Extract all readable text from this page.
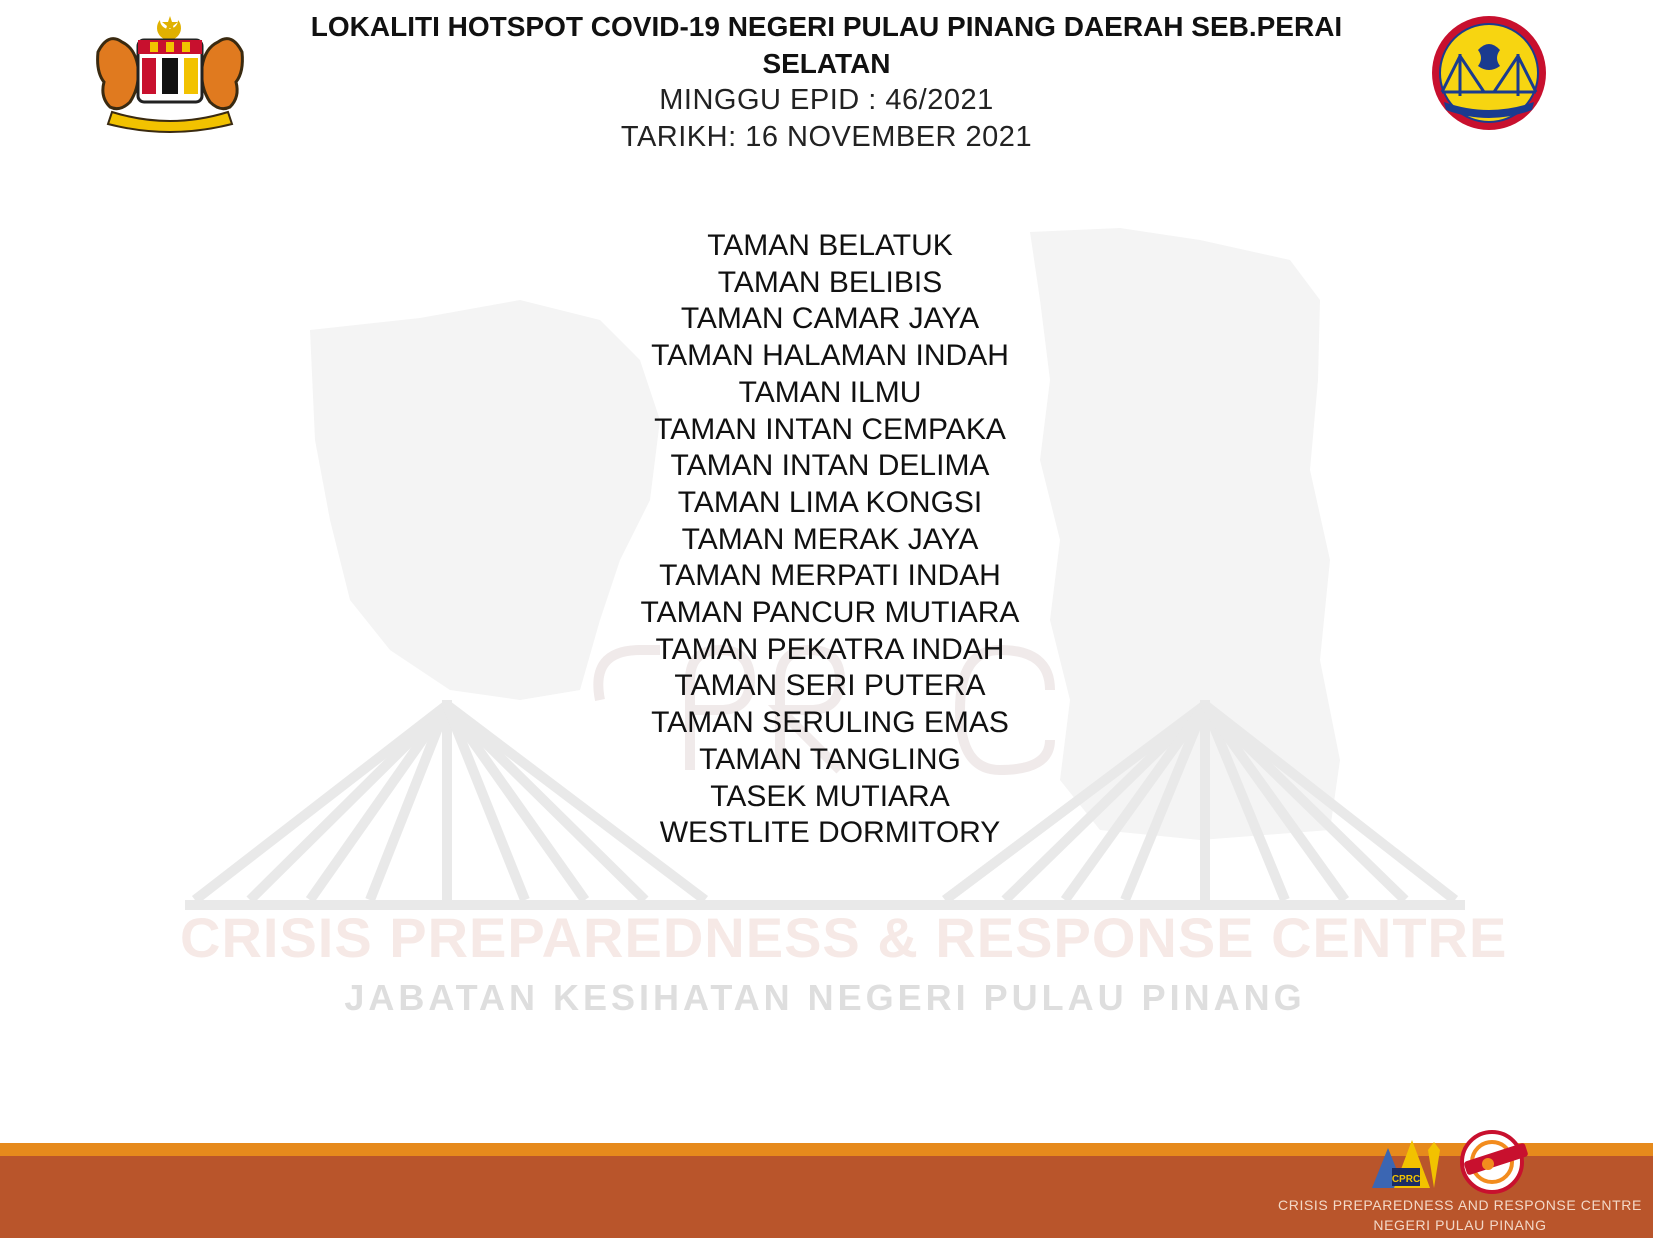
CRISIS PREPAREDNESS & RESPONSE CENTRE
JABATAN KESIHATAN NEGERI PULAU PINANG
LOKALITI HOTSPOT COVID-19 NEGERI PULAU PINANG DAERAH SEB.PERAI
SELATAN
MINGGU EPID : 46/2021
TARIKH: 16 NOVEMBER 2021
TAMAN BELATUK
TAMAN BELIBIS
TAMAN CAMAR JAYA
TAMAN HALAMAN INDAH
TAMAN ILMU
TAMAN INTAN CEMPAKA
TAMAN INTAN DELIMA
TAMAN LIMA KONGSI
TAMAN MERAK JAYA
TAMAN MERPATI INDAH
TAMAN PANCUR MUTIARA
TAMAN PEKATRA INDAH
TAMAN SERI PUTERA
TAMAN SERULING EMAS
TAMAN TANGLING
TASEK MUTIARA
WESTLITE DORMITORY
CPRC
CRISIS PREPAREDNESS AND RESPONSE CENTRE
NEGERI PULAU PINANG
